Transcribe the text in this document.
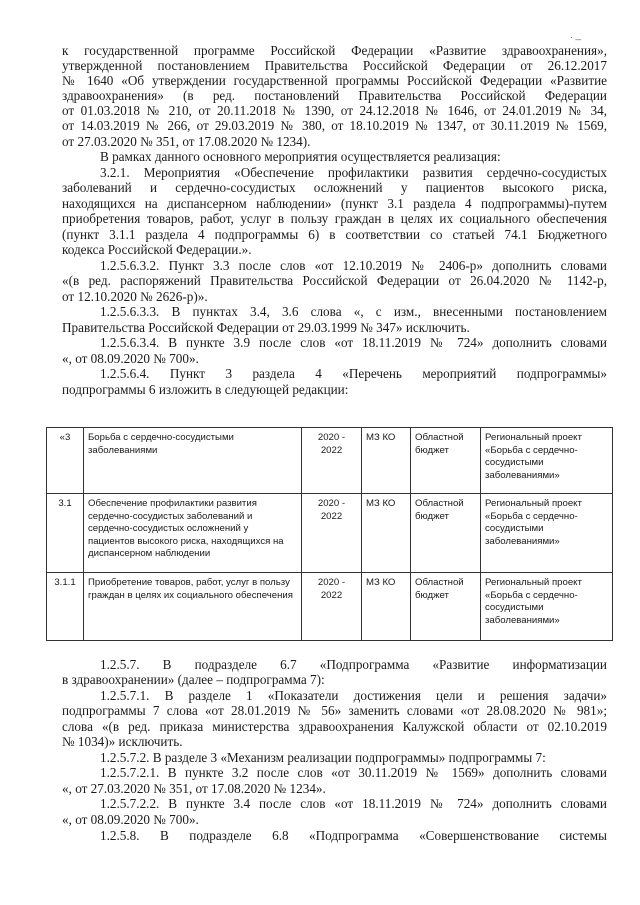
. _
к государственной программе Российской Федерации «Развитие здравоохранения»,
утвержденной постановлением Правительства Российской Федерации от 26.12.2017
№ 1640 «Об утверждении государственной программы Российской Федерации «Развитие
здравоохранения» (в ред. постановлений Правительства Российской Федерации
от 01.03.2018 № 210, от 20.11.2018 № 1390, от 24.12.2018 № 1646, от 24.01.2019 № 34,
от 14.03.2019 № 266, от 29.03.2019 № 380, от 18.10.2019 № 1347, от 30.11.2019 № 1569,
от 27.03.2020 № 351, от 17.08.2020 № 1234).
В рамках данного основного мероприятия осуществляется реализация:
3.2.1. Мероприятия «Обеспечение профилактики развития сердечно-сосудистых
заболеваний и сердечно-сосудистых осложнений у пациентов высокого риска,
находящихся на диспансерном наблюдении» (пункт 3.1 раздела 4 подпрограммы)-путем
приобретения товаров, работ, услуг в пользу граждан в целях их социального обеспечения
(пункт 3.1.1 раздела 4 подпрограммы 6) в соответствии со статьей 74.1 Бюджетного
кодекса Российской Федерации.».
1.2.5.6.3.2. Пункт 3.3 после слов «от 12.10.2019 № 2406-р» дополнить словами
«(в ред. распоряжений Правительства Российской Федерации от 26.04.2020 № 1142-р,
от 12.10.2020 № 2626-р)».
1.2.5.6.3.3. В пунктах 3.4, 3.6 слова «, с изм., внесенными постановлением
Правительства Российской Федерации от 29.03.1999 № 347» исключить.
1.2.5.6.3.4. В пункте 3.9 после слов «от 18.11.2019 № 724» дополнить словами
«, от 08.09.2020 № 700».
1.2.5.6.4. Пункт 3 раздела 4 «Перечень мероприятий подпрограммы»
подпрограммы 6 изложить в следующей редакции:
«3	Борьба с сердечно-сосудистыми заболеваниями	2020 - 2022	МЗ КО	Областной бюджет	Региональный проект «Борьба с сердечно-сосудистыми заболеваниями»
3.1	Обеспечение профилактики развития сердечно-сосудистых заболеваний и сердечно-сосудистых осложнений у пациентов высокого риска, находящихся на диспансерном наблюдении	2020 - 2022	МЗ КО	Областной бюджет	Региональный проект «Борьба с сердечно-сосудистыми заболеваниями»
3.1.1	Приобретение товаров, работ, услуг в пользу граждан в целях их социального обеспечения	2020 - 2022	МЗ КО	Областной бюджет	Региональный проект «Борьба с сердечно-сосудистыми заболеваниями»
1.2.5.7. В подразделе 6.7 «Подпрограмма «Развитие информатизации
в здравоохранении» (далее – подпрограмма 7):
1.2.5.7.1. В разделе 1 «Показатели достижения цели и решения задачи»
подпрограммы 7 слова «от 28.01.2019 № 56» заменить словами «от 28.08.2020 № 981»;
слова «(в ред. приказа министерства здравоохранения Калужской области от 02.10.2019
№ 1034)» исключить.
1.2.5.7.2. В разделе 3 «Механизм реализации подпрограммы» подпрограммы 7:
1.2.5.7.2.1. В пункте 3.2 после слов «от 30.11.2019 № 1569» дополнить словами
«, от 27.03.2020 № 351, от 17.08.2020 № 1234».
1.2.5.7.2.2. В пункте 3.4 после слов «от 18.11.2019 № 724» дополнить словами
«, от 08.09.2020 № 700».
1.2.5.8. В подразделе 6.8 «Подпрограмма «Совершенствование системы
